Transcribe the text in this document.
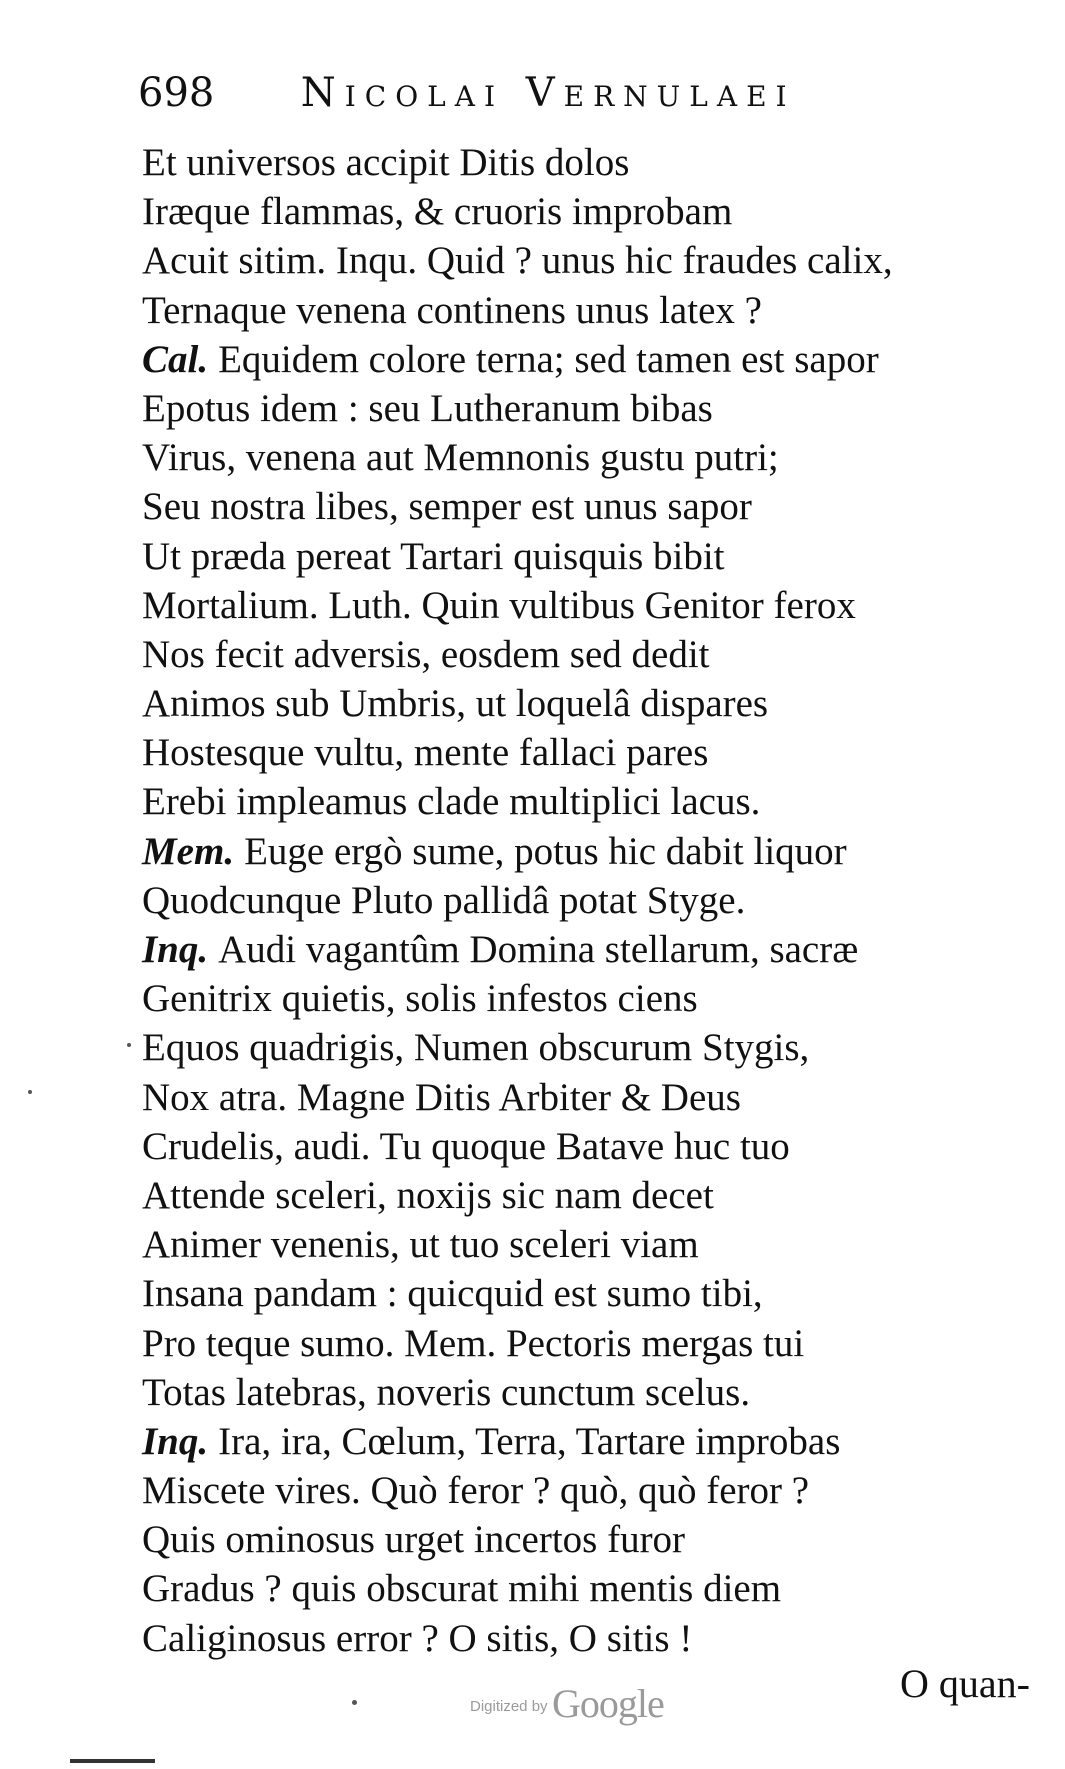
698 Nicolai Vernulaei
Et universos accipit Ditis dolos
Iræque flammas, & cruoris improbam
Acuit sitim. Inqu. Quid ? unus hic fraudes calix,
Ternaque venena continens unus latex ?
Cal. Equidem colore terna; sed tamen est sapor
Epotus idem : seu Lutheranum bibas
Virus, venena aut Memnonis gustu putri;
Seu nostra libes, semper est unus sapor
Ut præda pereat Tartari quisquis bibit
Mortalium. Luth. Quin vultibus Genitor ferox
Nos fecit adversis, eosdem sed dedit
Animos sub Umbris, ut loquelâ dispares
Hostesque vultu, mente fallaci pares
Erebi impleamus clade multiplici lacus.
Mem. Euge ergò sume, potus hic dabit liquor
Quodcunque Pluto pallidâ potat Styge.
Inq. Audi vagantûm Domina stellarum, sacræ
Genitrix quietis, solis infestos ciens
Equos quadrigis, Numen obscurum Stygis,
Nox atra. Magne Ditis Arbiter & Deus
Crudelis, audi. Tu quoque Batave huc tuo
Attende sceleri, noxijs sic nam decet
Animer venenis, ut tuo sceleri viam
Insana pandam : quicquid est sumo tibi,
Pro teque sumo. Mem. Pectoris mergas tui
Totas latebras, noveris cunctum scelus.
Inq. Ira, ira, Cœlum, Terra, Tartare improbas
Miscete vires. Quò feror ? quò, quò feror ?
Quis ominosus urget incertos furor
Gradus ? quis obscurat mihi mentis diem
Caliginosus error ? O sitis, O sitis !
O quan-
Digitized by Google
